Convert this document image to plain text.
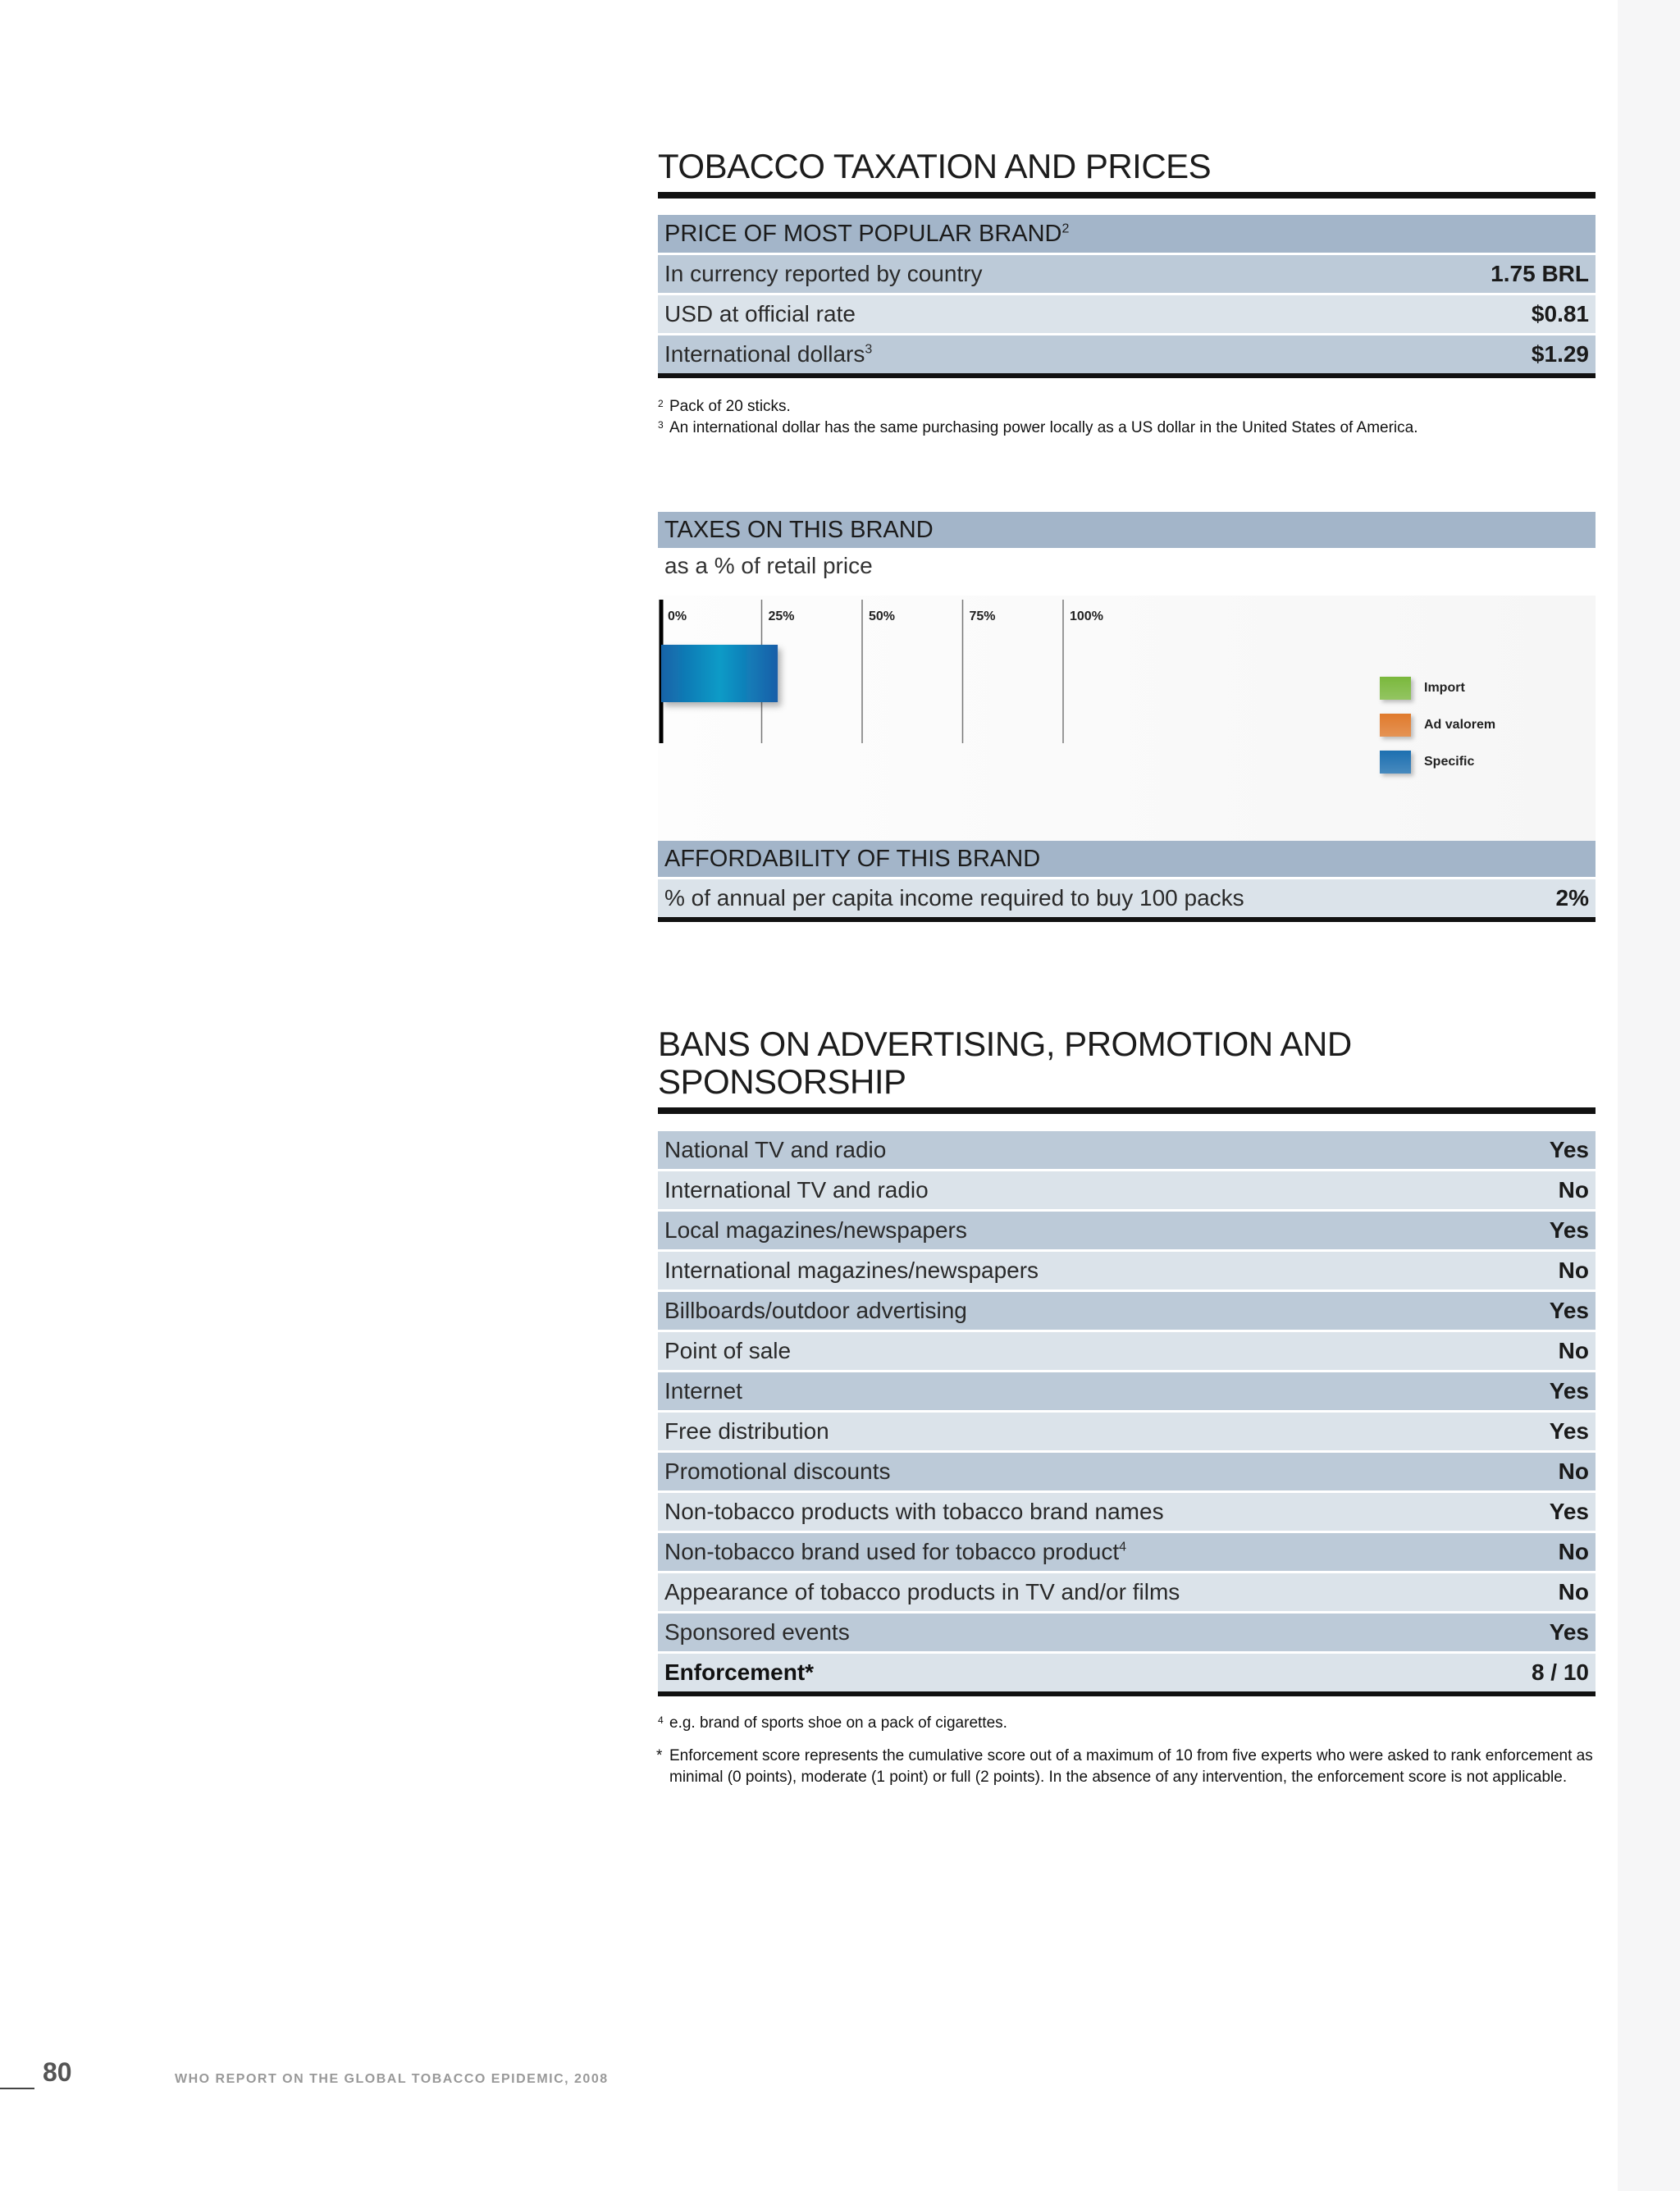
TOBACCO TAXATION AND PRICES
PRICE OF MOST POPULAR BRAND$^2$
In currency reported by country	1.75 BRL
USD at official rate	$0.81
International dollars$^3$	$1.29
2 Pack of 20 sticks.
3 An international dollar has the same purchasing power locally as a US dollar in the United States of America.
TAXES ON THIS BRAND
as a % of retail price
0%	25%	50%	75%	100%
Import
Ad valorem
Specific
AFFORDABILITY OF THIS BRAND
% of annual per capita income required to buy 100 packs	2%
BANS ON ADVERTISING, PROMOTION AND SPONSORSHIP
National TV and radio	Yes
International TV and radio	No
Local magazines/newspapers	Yes
International magazines/newspapers	No
Billboards/outdoor advertising	Yes
Point of sale	No
Internet	Yes
Free distribution	Yes
Promotional discounts	No
Non-tobacco products with tobacco brand names	Yes
Non-tobacco brand used for tobacco product$^4$	No
Appearance of tobacco products in TV and/or films	No
Sponsored events	Yes
Enforcement*	8 / 10
4 e.g. brand of sports shoe on a pack of cigarettes.
* Enforcement score represents the cumulative score out of a maximum of 10 from five experts who were asked to rank enforcement as minimal (0 points), moderate (1 point) or full (2 points). In the absence of any intervention, the enforcement score is not applicable.
80	WHO REPORT ON THE GLOBAL TOBACCO EPIDEMIC, 2008
